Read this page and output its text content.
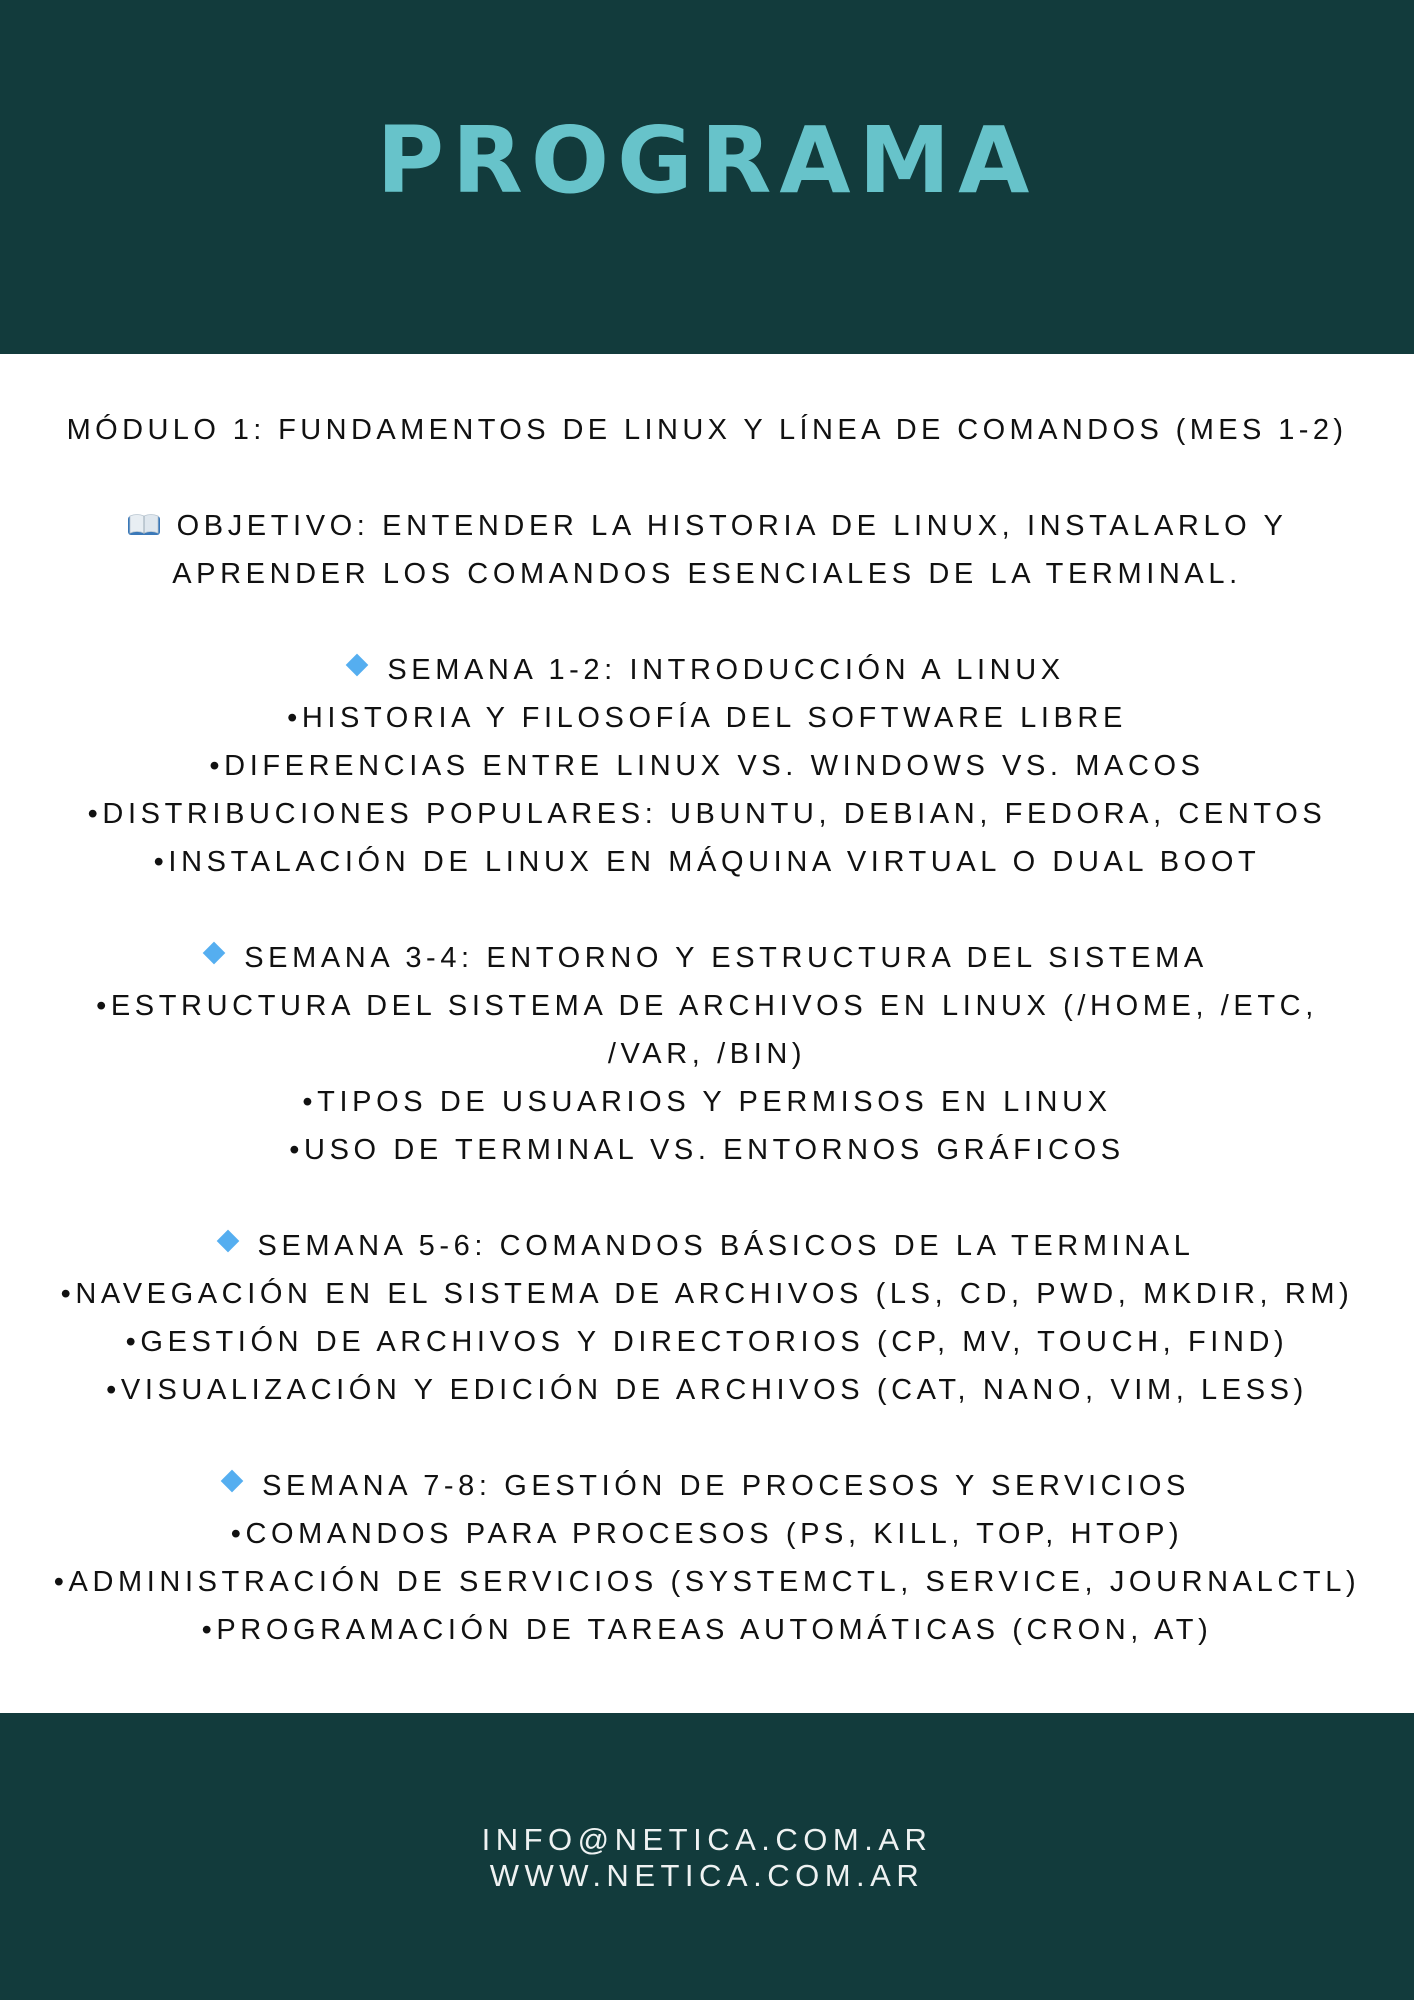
PROGRAMA
MÓDULO 1: FUNDAMENTOS DE LINUX Y LÍNEA DE COMANDOS (MES 1-2)
OBJETIVO: ENTENDER LA HISTORIA DE LINUX, INSTALARLO Y
APRENDER LOS COMANDOS ESENCIALES DE LA TERMINAL.
SEMANA 1-2: INTRODUCCIÓN A LINUX
•HISTORIA Y FILOSOFÍA DEL SOFTWARE LIBRE
•DIFERENCIAS ENTRE LINUX VS. WINDOWS VS. MACOS
•DISTRIBUCIONES POPULARES: UBUNTU, DEBIAN, FEDORA, CENTOS
•INSTALACIÓN DE LINUX EN MÁQUINA VIRTUAL O DUAL BOOT
SEMANA 3-4: ENTORNO Y ESTRUCTURA DEL SISTEMA
•ESTRUCTURA DEL SISTEMA DE ARCHIVOS EN LINUX (/HOME, /ETC,
/VAR, /BIN)
•TIPOS DE USUARIOS Y PERMISOS EN LINUX
•USO DE TERMINAL VS. ENTORNOS GRÁFICOS
SEMANA 5-6: COMANDOS BÁSICOS DE LA TERMINAL
•NAVEGACIÓN EN EL SISTEMA DE ARCHIVOS (LS, CD, PWD, MKDIR, RM)
•GESTIÓN DE ARCHIVOS Y DIRECTORIOS (CP, MV, TOUCH, FIND)
•VISUALIZACIÓN Y EDICIÓN DE ARCHIVOS (CAT, NANO, VIM, LESS)
SEMANA 7-8: GESTIÓN DE PROCESOS Y SERVICIOS
•COMANDOS PARA PROCESOS (PS, KILL, TOP, HTOP)
•ADMINISTRACIÓN DE SERVICIOS (SYSTEMCTL, SERVICE, JOURNALCTL)
•PROGRAMACIÓN DE TAREAS AUTOMÁTICAS (CRON, AT)
INFO@NETICA.COM.AR
WWW.NETICA.COM.AR
